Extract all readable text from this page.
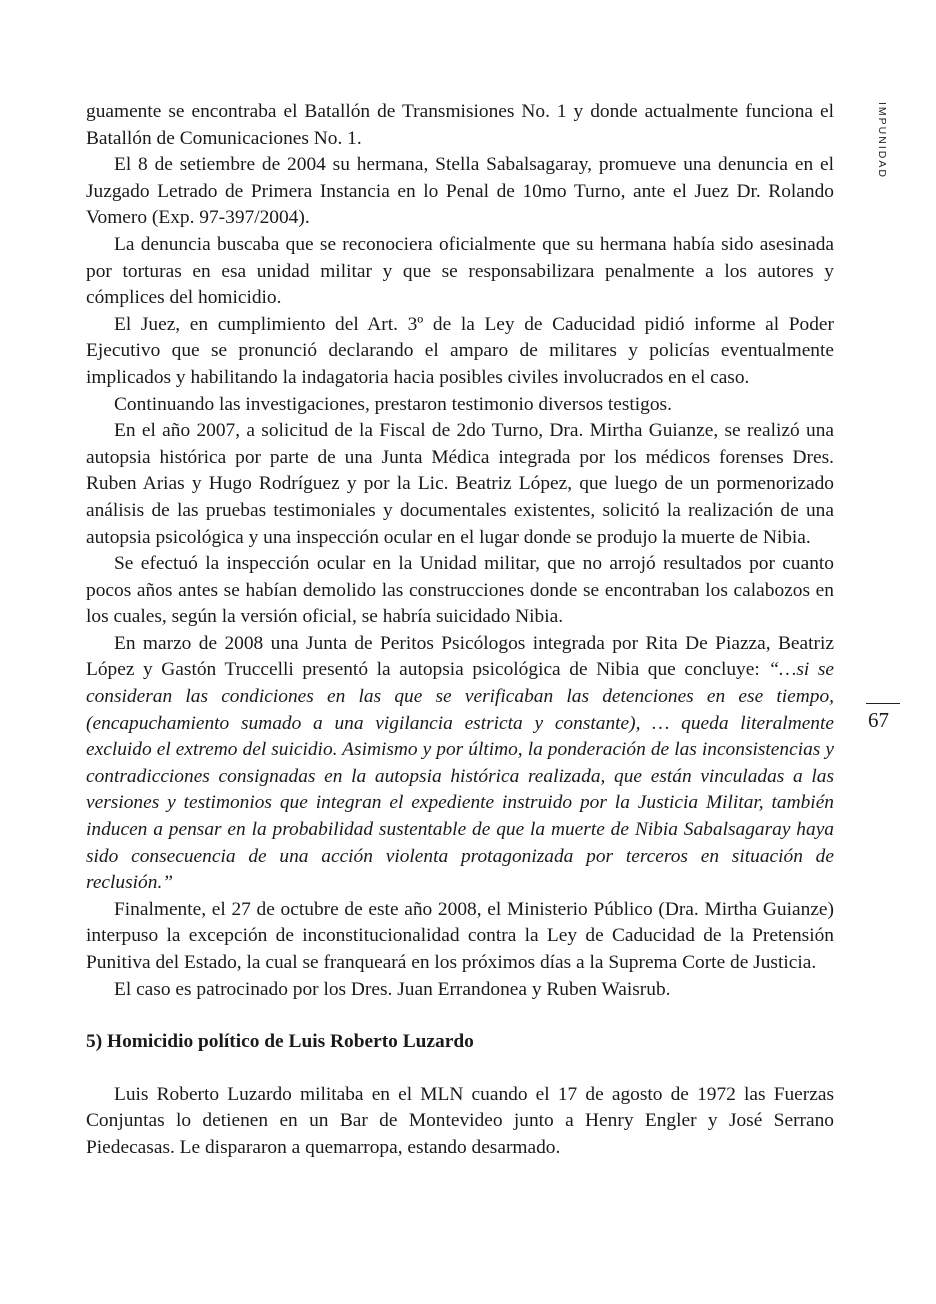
IMPUNIDAD
67

guamente se encontraba el Batallón de Transmisiones No. 1 y donde actualmente funciona el Batallón de Comunicaciones No. 1.

El 8 de setiembre de 2004 su hermana, Stella Sabalsagaray, promueve una denuncia en el Juzgado Letrado de Primera Instancia en lo Penal de 10mo Turno, ante el Juez Dr. Rolando Vomero (Exp. 97-397/2004).

La denuncia buscaba que se reconociera oficialmente que su hermana había sido asesinada por torturas en esa unidad militar y que se responsabilizara penalmente a los autores y cómplices del homicidio.

El Juez, en cumplimiento del Art. 3º de la Ley de Caducidad pidió informe al Poder Ejecutivo que se pronunció declarando el amparo de militares y policías eventualmente implicados y habilitando la indagatoria hacia posibles civiles involucrados en el caso.

Continuando las investigaciones, prestaron testimonio diversos testigos.

En el año 2007, a solicitud de la Fiscal de 2do Turno, Dra. Mirtha Guianze, se realizó una autopsia histórica por parte de una Junta Médica integrada por los médicos forenses Dres. Ruben Arias y Hugo Rodríguez y por la Lic. Beatriz López, que luego de un pormenorizado análisis de las pruebas testimoniales y documentales existentes, solicitó la realización de una autopsia psicológica y una inspección ocular en el lugar donde se produjo la muerte de Nibia.

Se efectuó la inspección ocular en la Unidad militar, que no arrojó resultados por cuanto pocos años antes se habían demolido las construcciones donde se encontraban los calabozos en los cuales, según la versión oficial, se habría suicidado Nibia.

En marzo de 2008 una Junta de Peritos Psicólogos integrada por Rita De Piazza, Beatriz López y Gastón Truccelli presentó la autopsia psicológica de Nibia que concluye: “…si se consideran las condiciones en las que se verificaban las detenciones en ese tiempo, (encapuchamiento sumado a una vigilancia estricta y constante), … queda literalmente excluido el extremo del suicidio. Asimismo y por último, la ponderación de las inconsistencias y contradicciones consignadas en la autopsia histórica realizada, que están vinculadas a las versiones y testimonios que integran el expediente instruido por la Justicia Militar, también inducen a pensar en la probabilidad sustentable de que la muerte de Nibia Sabalsagaray haya sido consecuencia de una acción violenta protagonizada por terceros en situación de reclusión.”

Finalmente, el 27 de octubre de este año 2008, el Ministerio Público (Dra. Mirtha Guianze) interpuso la excepción de inconstitucionalidad contra la Ley de Caducidad de la Pretensión Punitiva del Estado, la cual se franqueará en los próximos días a la Suprema Corte de Justicia.

El caso es patrocinado por los Dres. Juan Errandonea y Ruben Waisrub.

5) Homicidio político de Luis Roberto Luzardo

Luis Roberto Luzardo militaba en el MLN cuando el 17 de agosto de 1972 las Fuerzas Conjuntas lo detienen en un Bar de Montevideo junto a Henry Engler y José Serrano Piedecasas. Le dispararon a quemarropa, estando desarmado.
